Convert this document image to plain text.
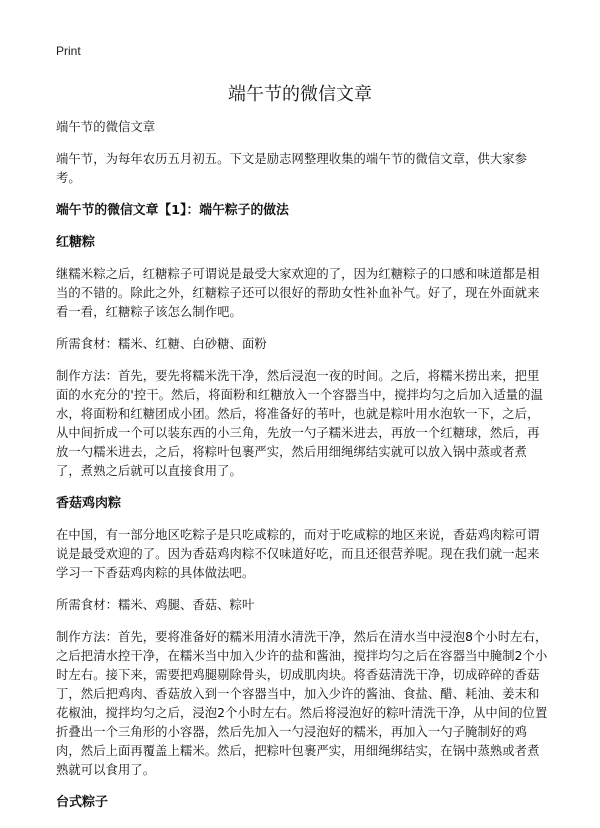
Print
端午节的微信文章

端午节的微信文章

端午节，为每年农历五月初五。下文是励志网整理收集的端午节的微信文章，供大家参考。

端午节的微信文章【1】：端午粽子的做法

红糖粽

继糯米粽之后，红糖粽子可谓说是最受大家欢迎的了，因为红糖粽子的口感和味道都是相当的不错的。除此之外，红糖粽子还可以很好的帮助女性补血补气。好了，现在外面就来看一看，红糖粽子该怎么制作吧。

所需食材：糯米、红糖、白砂糖、面粉

制作方法：首先，要先将糯米洗干净，然后浸泡一夜的时间。之后，将糯米捞出来，把里面的水充分的'控干。然后，将面粉和红糖放入一个容器当中，搅拌均匀之后加入适量的温水，将面粉和红糖团成小团。然后，将准备好的苇叶，也就是粽叶用水泡软一下，之后，从中间折成一个可以装东西的小三角，先放一勺子糯米进去，再放一个红糖球，然后，再放一勺糯米进去，之后，将粽叶包裹严实，然后用细绳绑结实就可以放入锅中蒸或者煮了，煮熟之后就可以直接食用了。

香菇鸡肉粽

在中国，有一部分地区吃粽子是只吃咸粽的，而对于吃咸粽的地区来说，香菇鸡肉粽可谓说是最受欢迎的了。因为香菇鸡肉粽不仅味道好吃，而且还很营养呢。现在我们就一起来学习一下香菇鸡肉粽的具体做法吧。

所需食材：糯米、鸡腿、香菇、粽叶

制作方法：首先，要将准备好的糯米用清水清洗干净，然后在清水当中浸泡8个小时左右，之后把清水控干净，在糯米当中加入少许的盐和酱油，搅拌均匀之后在容器当中腌制2个小时左右。接下来，需要把鸡腿剔除骨头，切成肌肉块。将香菇清洗干净，切成碎碎的香菇丁，然后把鸡肉、香菇放入到一个容器当中，加入少许的酱油、食盐、醋、耗油、姜末和花椒油，搅拌均匀之后，浸泡2个小时左右。然后将浸泡好的粽叶清洗干净，从中间的位置折叠出一个三角形的小容器，然后先加入一勺浸泡好的糯米，再加入一勺子腌制好的鸡肉，然后上面再覆盖上糯米。然后，把粽叶包裹严实，用细绳绑结实，在锅中蒸熟或者煮熟就可以食用了。

台式粽子
